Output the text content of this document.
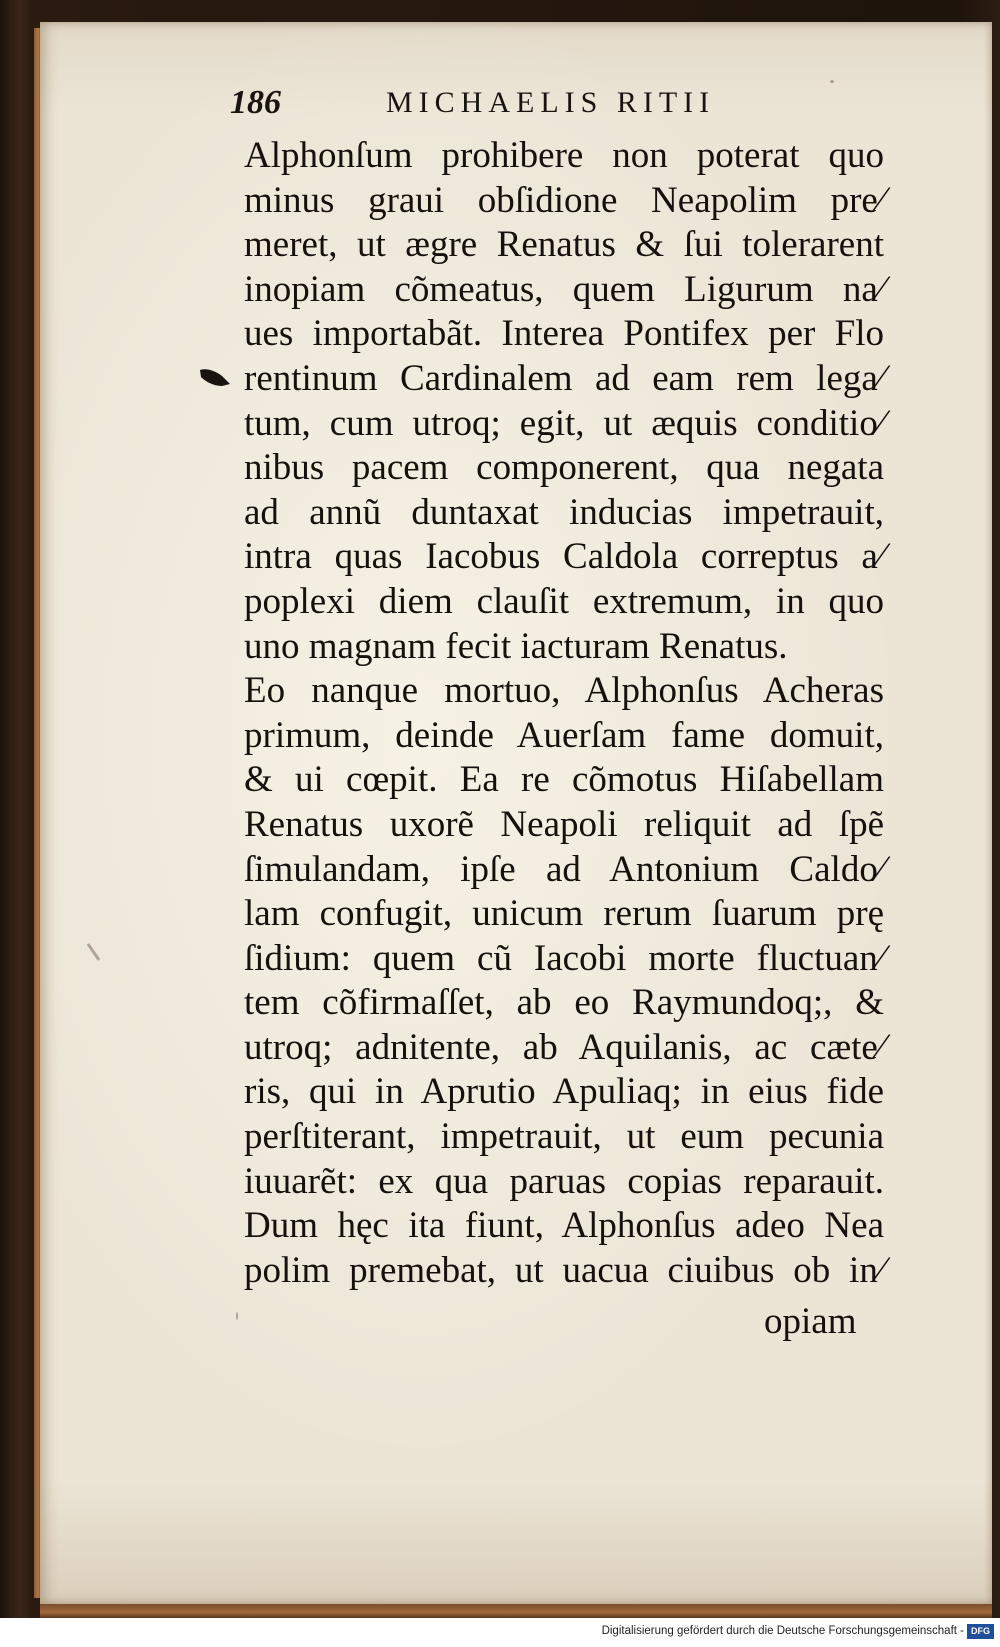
186	MICHAELIS RITII
Alphonſum prohibere non poterat quo
minus graui obſidione Neapolim pre⁄
meret, ut ægre Renatus & ſui tolerarent
inopiam cõmeatus, quem Ligurum na⁄
ues importabãt. Interea Pontifex per Flo
rentinum Cardinalem ad eam rem lega⁄
tum, cum utroq; egit, ut æquis conditio⁄
nibus pacem componerent, qua negata
ad annũ duntaxat inducias impetrauit,
intra quas Iacobus Caldola correptus a⁄
poplexi diem clauſit extremum, in quo
uno magnam fecit iacturam Renatus.
Eo nanque mortuo, Alphonſus Acheras
primum, deinde Auerſam fame domuit,
& ui cœpit. Ea re cõmotus Hiſabellam
Renatus uxorẽ Neapoli reliquit ad ſpẽ
ſimulandam, ipſe ad Antonium Caldo⁄
lam confugit, unicum rerum ſuarum prę
ſidium: quem cũ Iacobi morte fluctuan⁄
tem cõfirmaſſet, ab eo Raymundoq;, &
utroq; adnitente, ab Aquilanis, ac cæte⁄
ris, qui in Aprutio Apuliaq; in eius fide
perſtiterant, impetrauit, ut eum pecunia
iuuarẽt: ex qua paruas copias reparauit.
Dum hęc ita fiunt, Alphonſus adeo Nea
polim premebat, ut uacua ciuibus ob in⁄
opiam
Digitalisierung gefördert durch die Deutsche Forschungsgemeinschaft - DFG
